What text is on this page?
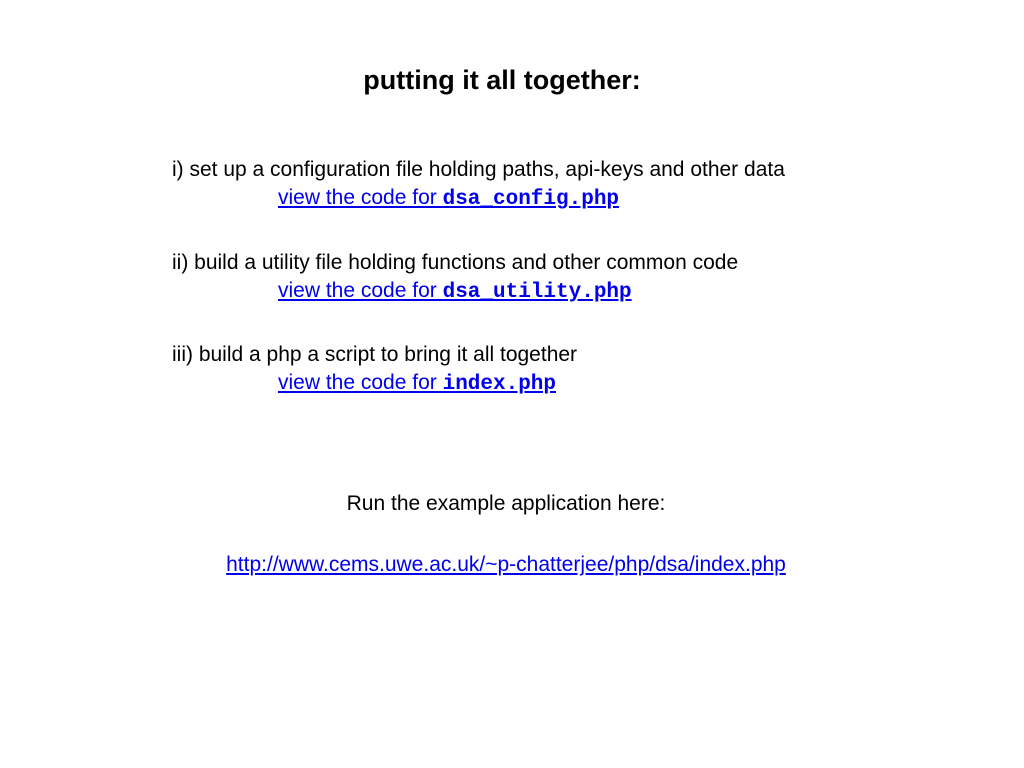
putting it all together:
i) set up a configuration file holding paths, api-keys and other data
view the code for dsa_config.php
ii) build a utility file holding functions and other common code
view the code for dsa_utility.php
iii) build a php a script to bring it all together
view the code for index.php
Run the example application here:
http://www.cems.uwe.ac.uk/~p-chatterjee/php/dsa/index.php
